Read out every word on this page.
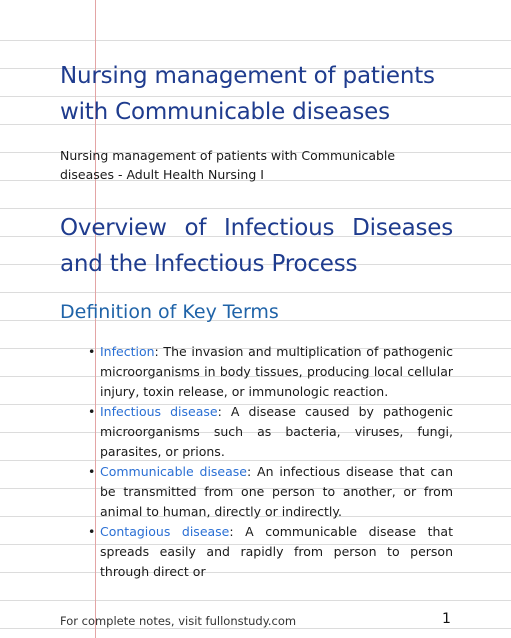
Nursing management of patients with Communicable diseases

Nursing management of patients with Communicable diseases - Adult Health Nursing I

Overview of Infectious Diseases and the Infectious Process
Definition of Key Terms
• Infection: The invasion and multiplication of pathogenic microorganisms in body tissues, producing local cellular injury, toxin release, or immunologic reaction.
• Infectious disease: A disease caused by pathogenic microorganisms such as bacteria, viruses, fungi, parasites, or prions.
• Communicable disease: An infectious disease that can be transmitted from one person to another, or from animal to human, directly or indirectly.
• Contagious disease: A communicable disease that spreads easily and rapidly from person to person through direct or
For complete notes, visit fullonstudy.com	1
